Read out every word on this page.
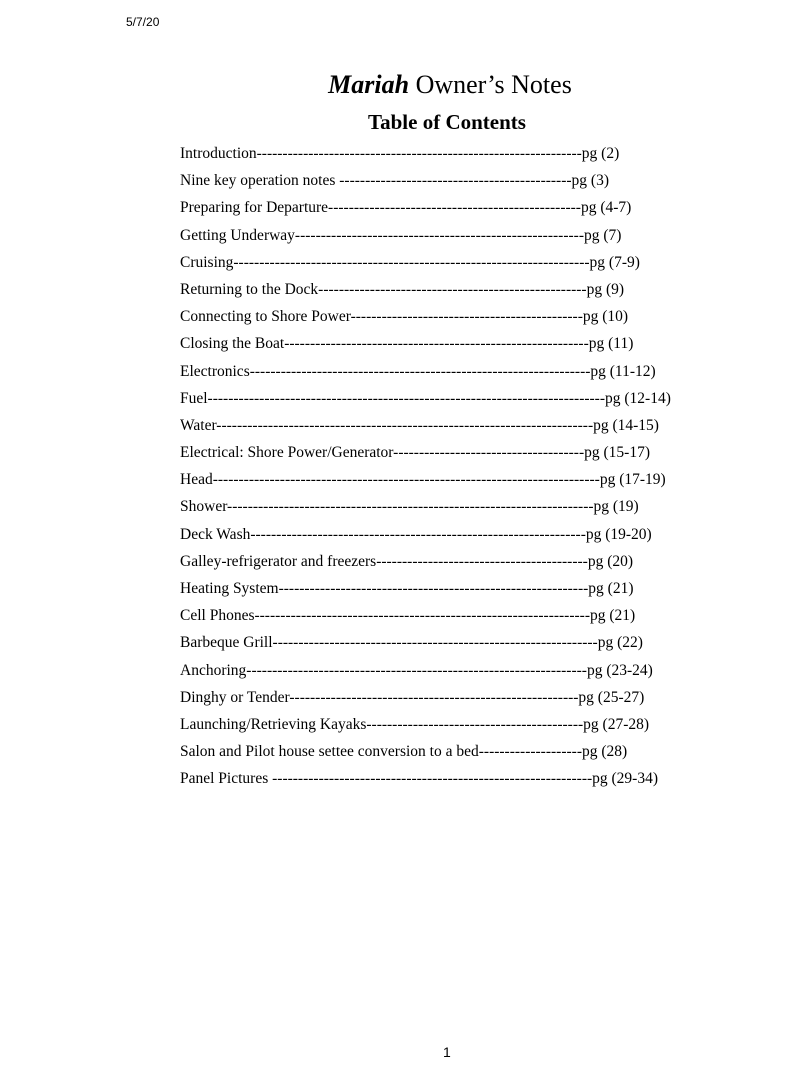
5/7/20
Mariah Owner’s Notes
Table of Contents
Introduction---------------------------------------------------------------pg (2)
Nine key operation notes ---------------------------------------------pg (3)
Preparing for Departure-------------------------------------------------pg (4-7)
Getting Underway--------------------------------------------------------pg (7)
Cruising---------------------------------------------------------------------pg (7-9)
Returning to the Dock----------------------------------------------------pg (9)
Connecting to Shore Power---------------------------------------------pg (10)
Closing the Boat-----------------------------------------------------------pg (11)
Electronics------------------------------------------------------------------pg (11-12)
Fuel-----------------------------------------------------------------------------pg (12-14)
Water-------------------------------------------------------------------------pg (14-15)
Electrical: Shore Power/Generator-------------------------------------pg (15-17)
Head---------------------------------------------------------------------------pg (17-19)
Shower-----------------------------------------------------------------------pg (19)
Deck Wash-----------------------------------------------------------------pg (19-20)
Galley-refrigerator and freezers-----------------------------------------pg (20)
Heating System------------------------------------------------------------pg (21)
Cell Phones-----------------------------------------------------------------pg (21)
Barbeque Grill---------------------------------------------------------------pg (22)
Anchoring------------------------------------------------------------------pg (23-24)
Dinghy or Tender--------------------------------------------------------pg (25-27)
Launching/Retrieving Kayaks------------------------------------------pg (27-28)
Salon and Pilot house settee conversion to a bed--------------------pg (28)
Panel Pictures --------------------------------------------------------------pg (29-34)
1
